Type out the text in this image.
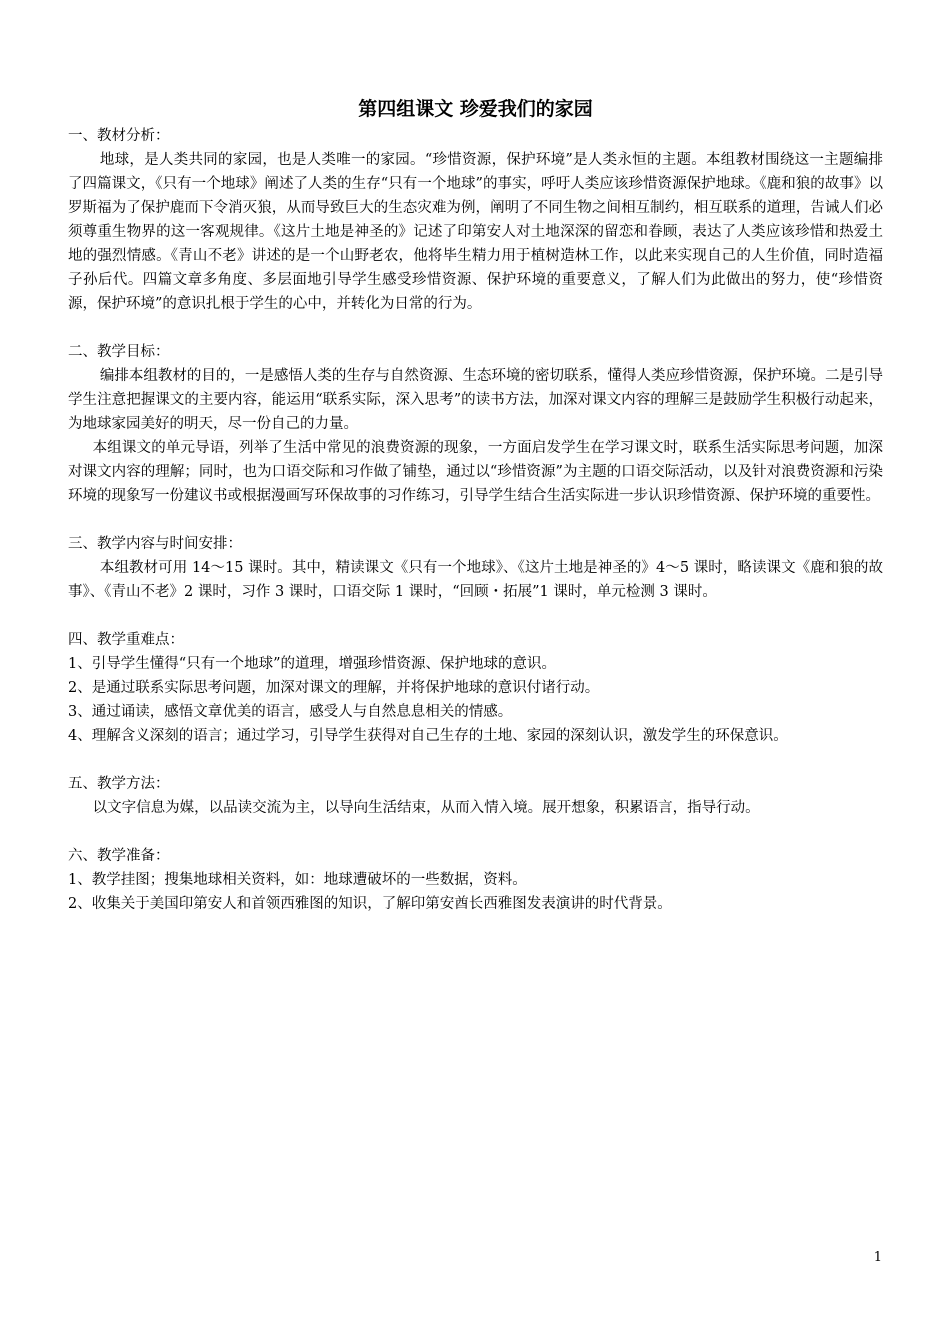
第四组课文 珍爱我们的家园

一、教材分析：

地球，是人类共同的家园，也是人类唯一的家园。“珍惜资源，保护环境”是人类永恒的主题。本组教材围绕这一主题编排了四篇课文，《只有一个地球》阐述了人类的生存“只有一个地球”的事实，呼吁人类应该珍惜资源保护地球。《鹿和狼的故事》以罗斯福为了保护鹿而下令消灭狼，从而导致巨大的生态灾难为例，阐明了不同生物之间相互制约，相互联系的道理，告诫人们必须尊重生物界的这一客观规律。《这片土地是神圣的》记述了印第安人对土地深深的留恋和眷顾，表达了人类应该珍惜和热爱土地的强烈情感。《青山不老》讲述的是一个山野老农，他将毕生精力用于植树造林工作，以此来实现自己的人生价值，同时造福子孙后代。四篇文章多角度、多层面地引导学生感受珍惜资源、保护环境的重要意义，了解人们为此做出的努力，使“珍惜资源，保护环境”的意识扎根于学生的心中，并转化为日常的行为。

二、教学目标：

编排本组教材的目的，一是感悟人类的生存与自然资源、生态环境的密切联系，懂得人类应珍惜资源，保护环境。二是引导学生注意把握课文的主要内容，能运用“联系实际，深入思考”的读书方法，加深对课文内容的理解三是鼓励学生积极行动起来，为地球家园美好的明天，尽一份自己的力量。

本组课文的单元导语，列举了生活中常见的浪费资源的现象，一方面启发学生在学习课文时，联系生活实际思考问题，加深对课文内容的理解；同时，也为口语交际和习作做了铺垫，通过以“珍惜资源”为主题的口语交际活动，以及针对浪费资源和污染环境的现象写一份建议书或根据漫画写环保故事的习作练习，引导学生结合生活实际进一步认识珍惜资源、保护环境的重要性。

三、教学内容与时间安排：

本组教材可用 14～15 课时。其中，精读课文《只有一个地球》、《这片土地是神圣的》4～5 课时，略读课文《鹿和狼的故事》、《青山不老》2 课时，习作 3 课时，口语交际 1 课时，“回顾・拓展”1 课时，单元检测 3 课时。

四、教学重难点：

1、引导学生懂得“只有一个地球”的道理，增强珍惜资源、保护地球的意识。

2、是通过联系实际思考问题，加深对课文的理解，并将保护地球的意识付诸行动。

3、通过诵读，感悟文章优美的语言，感受人与自然息息相关的情感。

4、理解含义深刻的语言；通过学习，引导学生获得对自己生存的土地、家园的深刻认识，激发学生的环保意识。

五、教学方法：

以文字信息为媒，以品读交流为主，以导向生活结束，从而入情入境。展开想象，积累语言，指导行动。

六、教学准备：

1、教学挂图；搜集地球相关资料，如：地球遭破坏的一些数据，资料。

2、收集关于美国印第安人和首领西雅图的知识，了解印第安酋长西雅图发表演讲的时代背景。

1
